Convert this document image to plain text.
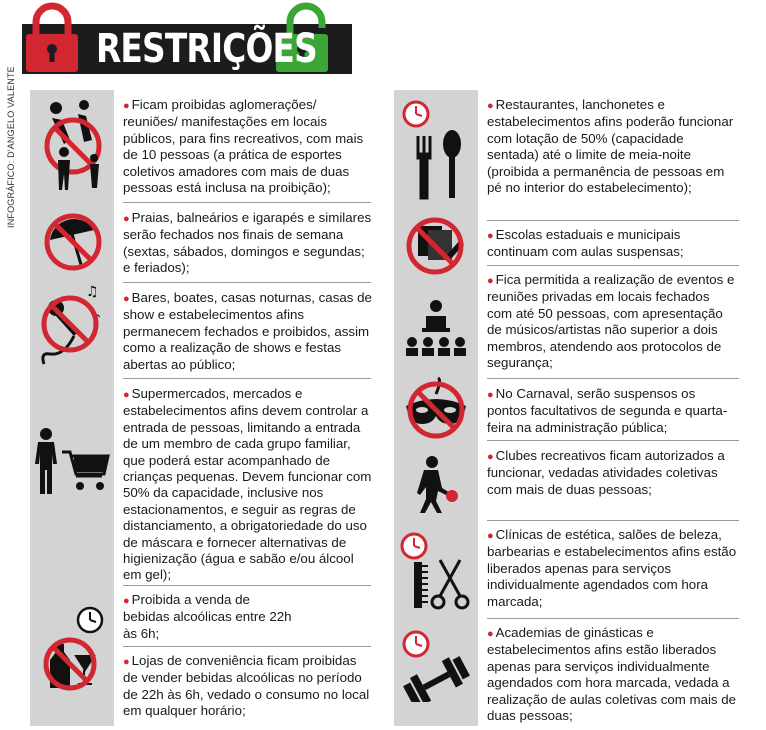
RESTRIÇÕES
INFOGRÁFICO: D'ANGELO VALENTE
♫
♪
● Ficam proibidas aglomerações/ reuniões/ manifestações em locais públicos, para fins recreativos, com mais de 10 pessoas (a prática de esportes coletivos amadores com mais de duas pessoas está inclusa na proibição);
● Praias, balneários e igarapés e similares serão fechados nos finais de semana (sextas, sábados, domingos e segundas; e feriados);
● Bares, boates, casas noturnas, casas de show e estabelecimentos afins permanecem fechados e proibidos, assim como a realização de shows e festas abertas ao público;
● Supermercados, mercados e estabelecimentos afins devem controlar a entrada de pessoas, limitando a entrada de um membro de cada grupo familiar, que poderá estar acompanhado de crianças pequenas. Devem funcionar com 50% da capacidade, inclusive nos estacionamentos, e seguir as regras de distanciamento, a obrigatoriedade do uso de máscara e fornecer alternativas de higienização (água e sabão e/ou álcool em gel);
● Proibida a venda de bebidas alcoólicas entre 22h às 6h;
● Lojas de conveniência ficam proibidas de vender bebidas alcoólicas no período de 22h às 6h, vedado o consumo no local em qualquer horário;
● Restaurantes, lanchonetes e estabelecimentos afins poderão funcionar com lotação de 50% (capacidade sentada) até o limite de meia-noite (proibida a permanência de pessoas em pé no interior do estabelecimento);
● Escolas estaduais e municipais continuam com aulas suspensas;
● Fica permitida a realização de eventos e reuniões privadas em locais fechados com até 50 pessoas, com apresentação de músicos/artistas não superior a dois membros, atendendo aos protocolos de segurança;
● No Carnaval, serão suspensos os pontos facultativos de segunda e quarta-feira na administração pública;
● Clubes recreativos ficam autorizados a funcionar, vedadas atividades coletivas com mais de duas pessoas;
● Clínicas de estética, salões de beleza, barbearias e estabelecimentos afins estão liberados apenas para serviços individualmente agendados com hora marcada;
● Academias de ginásticas e estabelecimentos afins estão liberados apenas para serviços individualmente agendados com hora marcada, vedada a realização de aulas coletivas com mais de duas pessoas;
